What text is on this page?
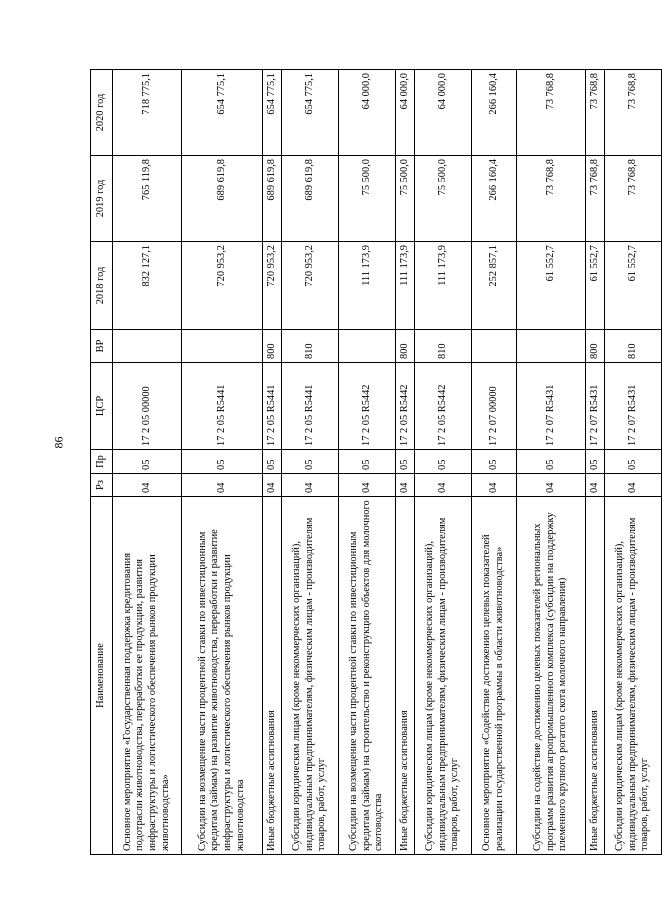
86
Наименование	Рз	Пр	ЦСР	ВР	2018 год	2019 год	2020 год
Основное мероприятие «Государственная поддержка кредитования подотрасли животноводства, переработки ее продукции, развития инфраструктуры и логистического обеспечения рынков продукции животноводства»	04	05	17 2 05 00000		832 127,1	765 119,8	718 775,1
Субсидии на возмещение части процентной ставки по инвестиционным кредитам (займам) на развитие животноводства, переработки и развитие инфраструктуры и логистического обеспечения рынков продукции животноводства	04	05	17 2 05 R5441		720 953,2	689 619,8	654 775,1
Иные бюджетные ассигнования	04	05	17 2 05 R5441	800	720 953,2	689 619,8	654 775,1
Субсидии юридическим лицам (кроме некоммерческих организаций), индивидуальным предпринимателям, физическим лицам - производителям товаров, работ, услуг	04	05	17 2 05 R5441	810	720 953,2	689 619,8	654 775,1
Субсидии на возмещение части процентной ставки по инвестиционным кредитам (займам) на строительство и реконструкцию объектов для молочного скотоводства	04	05	17 2 05 R5442		111 173,9	75 500,0	64 000,0
Иные бюджетные ассигнования	04	05	17 2 05 R5442	800	111 173,9	75 500,0	64 000,0
Субсидии юридическим лицам (кроме некоммерческих организаций), индивидуальным предпринимателям, физическим лицам - производителям товаров, работ, услуг	04	05	17 2 05 R5442	810	111 173,9	75 500,0	64 000,0
Основное мероприятие «Содействие достижению целевых показателей реализации государственной программы в области животноводства»	04	05	17 2 07 00000		252 857,1	266 160,4	266 160,4
Субсидии на содействие достижению целевых показателей региональных программ развития агропромышленного комплекса (субсидии на поддержку племенного крупного рогатого скота молочного направления)	04	05	17 2 07 R5431		61 552,7	73 768,8	73 768,8
Иные бюджетные ассигнования	04	05	17 2 07 R5431	800	61 552,7	73 768,8	73 768,8
Субсидии юридическим лицам (кроме некоммерческих организаций), индивидуальным предпринимателям, физическим лицам - производителям товаров, работ, услуг	04	05	17 2 07 R5431	810	61 552,7	73 768,8	73 768,8
